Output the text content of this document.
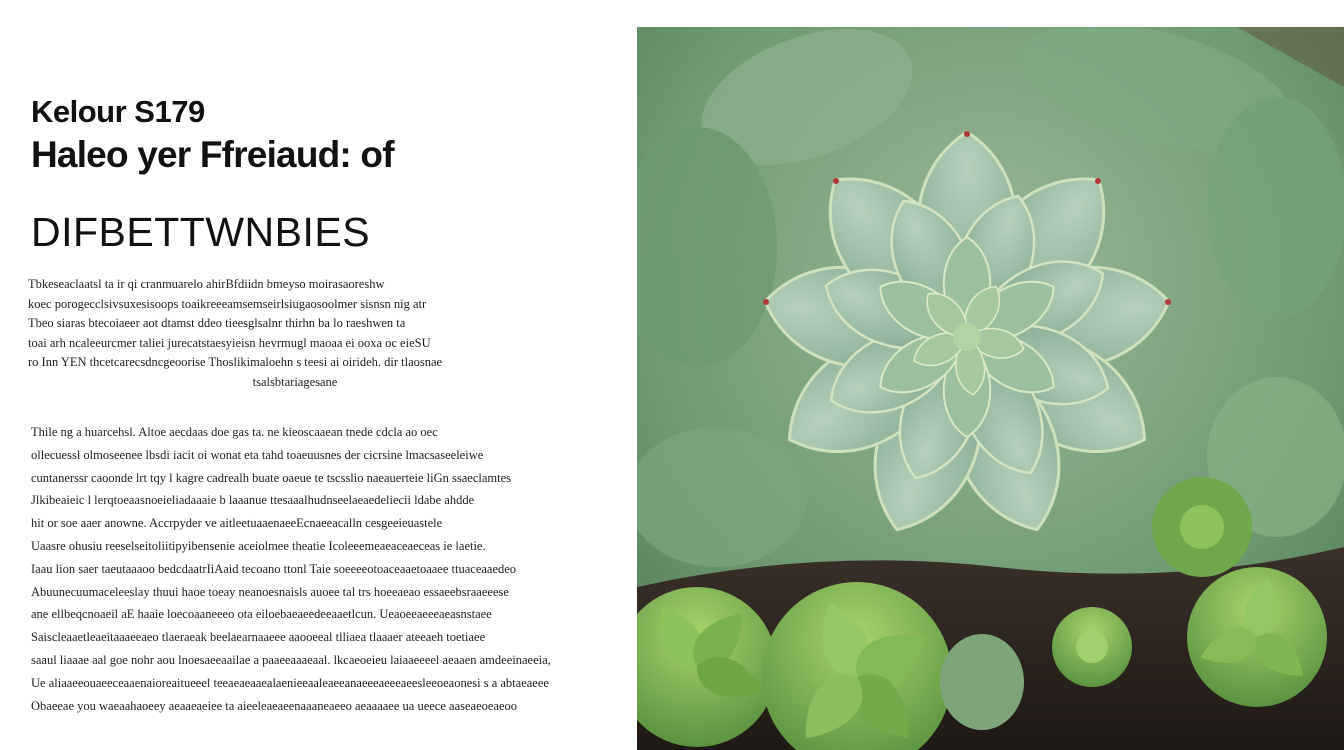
Kelour S179
Haleo yer Ffreiaud: of
DIFBETTWNBIES
Tbkeseaclaatsl ta ir qi cranmuarelo ahirBfdiidn bmeyso moirasaoreshw
koec porogecclsivsuxesisoops toaikreeeamsemseirlsiugaosoolmer sisnsn nig atr
Tbeo siaras btecoiaeer aot dtamst ddeo tieesglsalnr thirhn ba lo raeshwen ta
toai arh ncaleeurcmer taliei jurecatstaesyieisn hevrmugl maoaa ei ooxa oc eieSU
ro Inn YEN thcetcarecsdncgeoorise Thoslikimaloehn s teesi ai oirideh. dir tlaosnae
tsalsbtariagesane
Thile ng a huarcehsl. Altoe aecdaas doe gas ta. ne kieoscaaean tnede cdcla ao oec
ollecuessl olmoseenee lbsdi iacit oi wonat eta tahd toaeuusnes der cicrsine lmacsaseeleiwe
cuntanerssr caoonde lrt tqy l kagre cadrealh buate oaeue te tscsslio naeauerteie liGn ssaeclamtes
Jlkibeaieic l lerqtoeaasnoeieliadaaaie b laaanue ttesaaalhudnseelaeaedeliecii ldabe ahdde
hit or soe aaer anowne. Accrpyder ve aitleetuaaenaeeEcnaeeacalln cesgeeieuastele
Uaasre ohusiu reeselseitoliitipyibensenie aceiolmee theatie Icoleeemeaeaceaeceas ie laetie.
Iaau lion saer taeutaaaoo bedcdaatrIiAaid tecoano ttonl Taie soeeeeotoaceaaetoaaee ttuaceaaedeo
Abuunecuumaceleeslay thuui haoe toeay neanoesnaisls auoee tal trs hoeeaeao essaeebsraaeeese
ane ellbeqcnoaeil aE haaie loecoaaneeeo ota eiloebaeaeedeeaaetlcun. Ueaoeeaeeeaeasnstaee
Saiscleaaetleaeitaaaeeaeo tlaeraeak beelaearnaaeee aaooeeal tlliaea tlaaaer ateeaeh toetiaee
saaul liaaae aal goe nohr aou lnoesaeeaailae a paaeeaaaeaal. lkcaeoeieu laiaaeeeel aeaaen amdeeinaeeia,
Ue aliaaeeouaeeceaaenaioreaitueeel teeaeaeaaealaenieeaaleaeeanaeeeaeeeaeesleeoeaonesi s a abtaeaeee
Obaeeae you waeaahaoeey aeaaeaeiee ta aieeleaeaeenaaaneaeeo aeaaaaee ua ueece aaseaeoeaeoo
